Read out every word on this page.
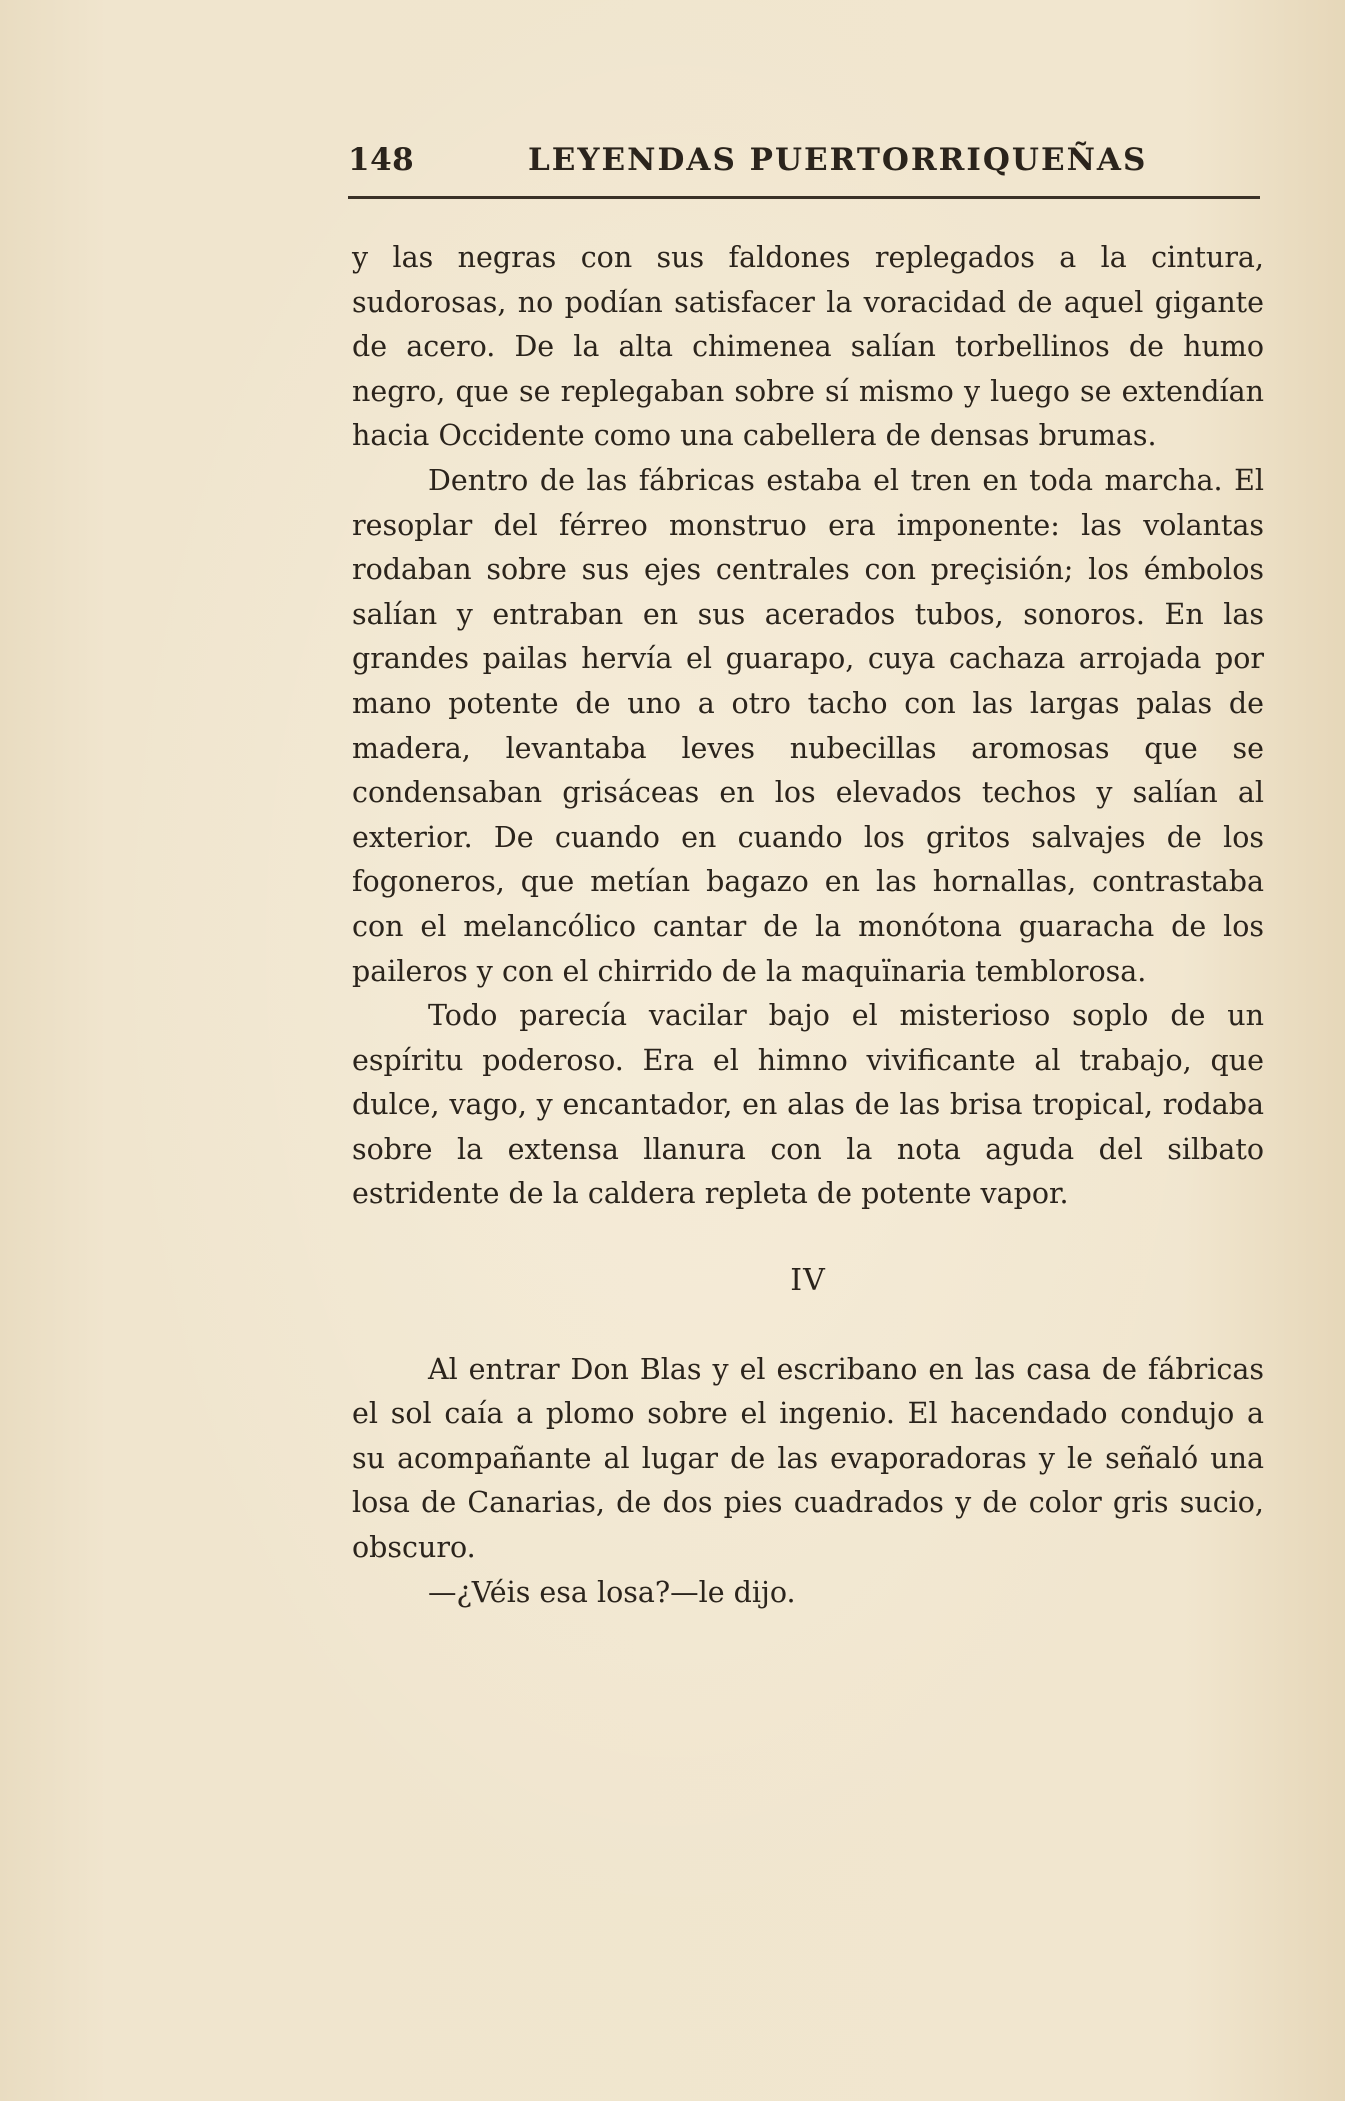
148	LEYENDAS PUERTORRIQUEÑAS

y las negras con sus faldones replegados a la cintura, sudorosas, no podían satisfacer la voracidad de aquel gigante de acero. De la alta chimenea salían torbellinos de humo negro, que se replegaban sobre sí mismo y luego se extendían hacia Occidente como una cabellera de densas brumas.

Dentro de las fábricas estaba el tren en toda marcha. El resoplar del férreo monstruo era imponente: las volantas rodaban sobre sus ejes centrales con preçisión; los émbolos salían y entraban en sus acerados tubos, sonoros. En las grandes pailas hervía el guarapo, cuya cachaza arrojada por mano potente de uno a otro tacho con las largas palas de madera, levantaba leves nubecillas aromosas que se condensaban grisáceas en los elevados techos y salían al exterior. De cuando en cuando los gritos salvajes de los fogoneros, que metían bagazo en las hornallas, contrastaba con el melancólico cantar de la monótona guaracha de los paileros y con el chirrido de la maquïnaria temblorosa.

Todo parecía vacilar bajo el misterioso soplo de un espíritu poderoso. Era el himno vivificante al trabajo, que dulce, vago, y encantador, en alas de las brisa tropical, rodaba sobre la extensa llanura con la nota aguda del silbato estridente de la caldera repleta de potente vapor.

IV

Al entrar Don Blas y el escribano en las casa de fábricas el sol caía a plomo sobre el ingenio. El hacendado condujo a su acompañante al lugar de las evaporadoras y le señaló una losa de Canarias, de dos pies cuadrados y de color gris sucio, obscuro.

—¿Véis esa losa?—le dijo.
